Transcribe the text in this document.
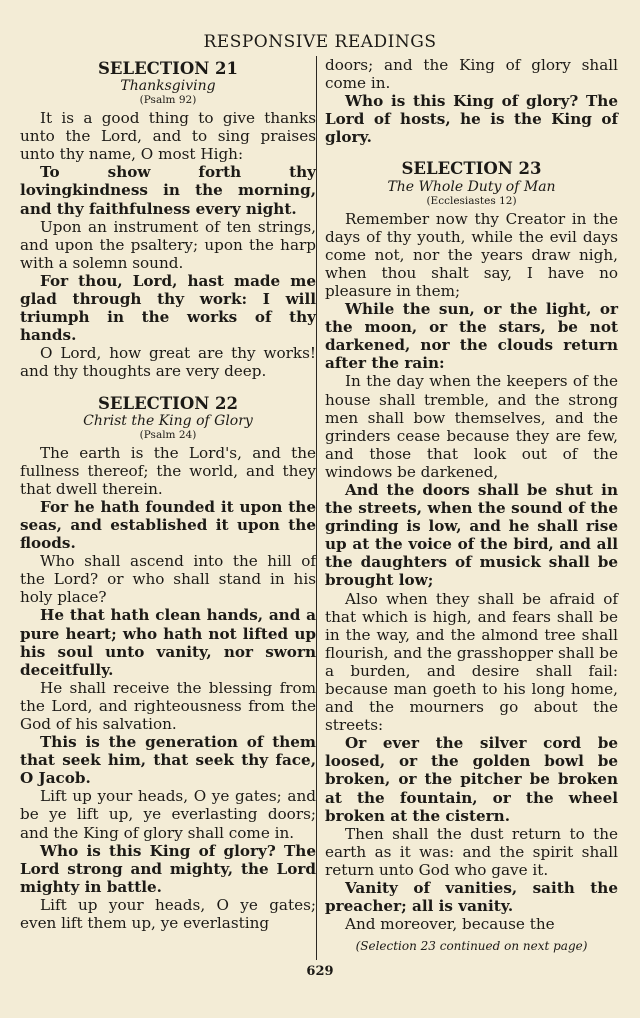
RESPONSIVE READINGS
SELECTION 21
Thanksgiving
(Psalm 92)

It is a good thing to give thanks unto the Lord, and to sing praises unto thy name, O most High:

To show forth thy lovingkindness in the morning, and thy faithfulness every night.

Upon an instrument of ten strings, and upon the psaltery; upon the harp with a solemn sound.

For thou, Lord, hast made me glad through thy work: I will triumph in the works of thy hands.

O Lord, how great are thy works! and thy thoughts are very deep.

SELECTION 22
Christ the King of Glory
(Psalm 24)

The earth is the Lord's, and the fullness thereof; the world, and they that dwell therein.

For he hath founded it upon the seas, and established it upon the floods.

Who shall ascend into the hill of the Lord? or who shall stand in his holy place?

He that hath clean hands, and a pure heart; who hath not lifted up his soul unto vanity, nor sworn deceitfully.

He shall receive the blessing from the Lord, and righteousness from the God of his salvation.

This is the generation of them that seek him, that seek thy face, O Jacob.

Lift up your heads, O ye gates; and be ye lift up, ye everlasting doors; and the King of glory shall come in.

Who is this King of glory? The Lord strong and mighty, the Lord mighty in battle.

Lift up your heads, O ye gates; even lift them up, ye everlasting

doors; and the King of glory shall come in.

Who is this King of glory? The Lord of hosts, he is the King of glory.

SELECTION 23
The Whole Duty of Man
(Ecclesiastes 12)

Remember now thy Creator in the days of thy youth, while the evil days come not, nor the years draw nigh, when thou shalt say, I have no pleasure in them;

While the sun, or the light, or the moon, or the stars, be not darkened, nor the clouds return after the rain:

In the day when the keepers of the house shall tremble, and the strong men shall bow themselves, and the grinders cease because they are few, and those that look out of the windows be darkened,

And the doors shall be shut in the streets, when the sound of the grinding is low, and he shall rise up at the voice of the bird, and all the daughters of musick shall be brought low;

Also when they shall be afraid of that which is high, and fears shall be in the way, and the almond tree shall flourish, and the grasshopper shall be a burden, and desire shall fail: because man goeth to his long home, and the mourners go about the streets:

Or ever the silver cord be loosed, or the golden bowl be broken, or the pitcher be broken at the fountain, or the wheel broken at the cistern.

Then shall the dust return to the earth as it was: and the spirit shall return unto God who gave it.

Vanity of vanities, saith the preacher; all is vanity.

And moreover, because the

(Selection 23 continued on next page)
629
